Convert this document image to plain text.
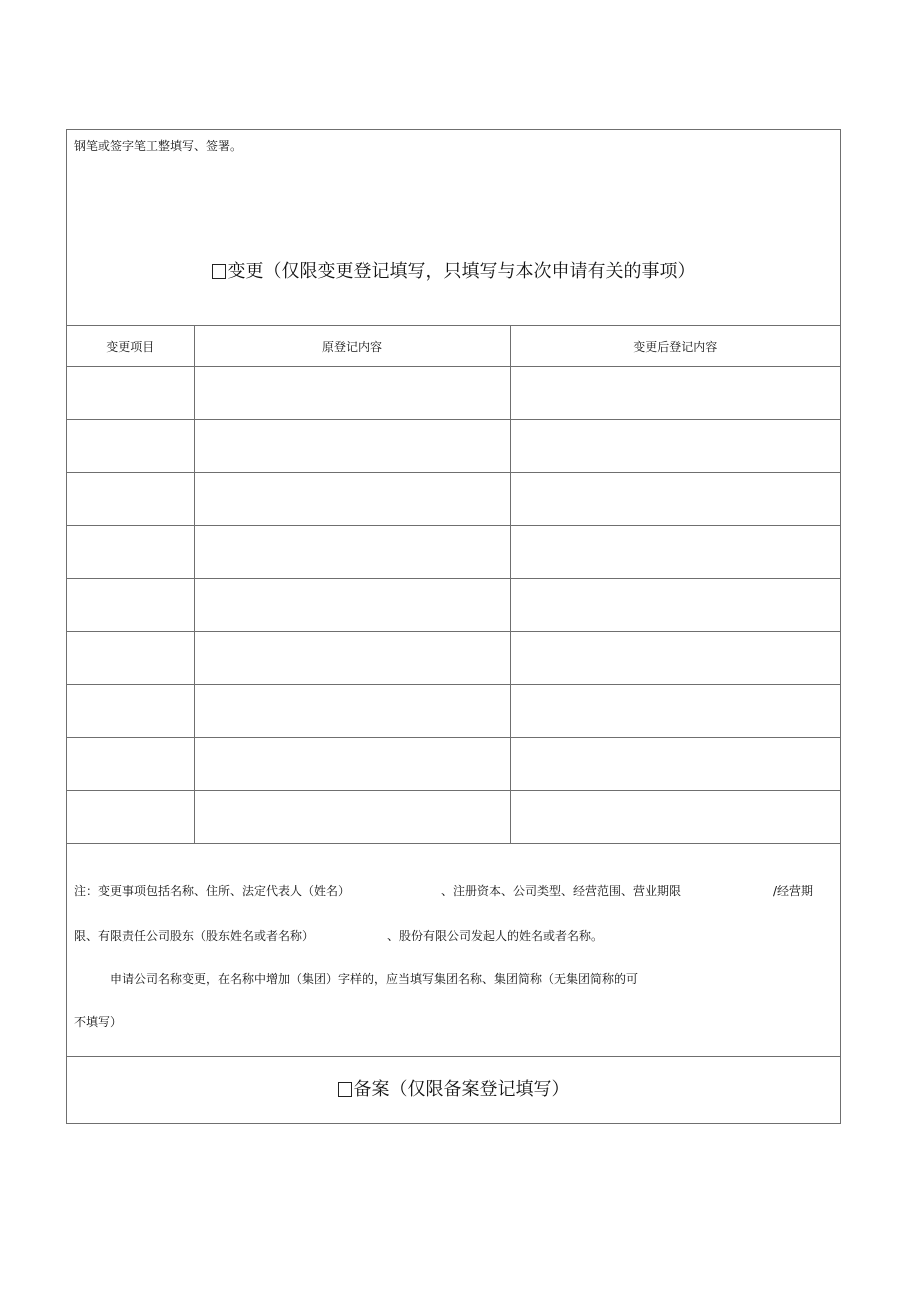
钢笔或签字笔工整填写、签署。
变更（仅限变更登记填写，只填写与本次申请有关的事项）
变更项目	原登记内容	变更后登记内容

注：变更事项包括名称、住所、法定代表人（姓名）	、注册资本、公司类型、经营范围、营业期限	/经营期
限、有限责任公司股东（股东姓名或者名称）	、股份有限公司发起人的姓名或者名称。
申请公司名称变更，在名称中增加（集团）字样的，应当填写集团名称、集团简称（无集团简称的可
不填写）
备案（仅限备案登记填写）
